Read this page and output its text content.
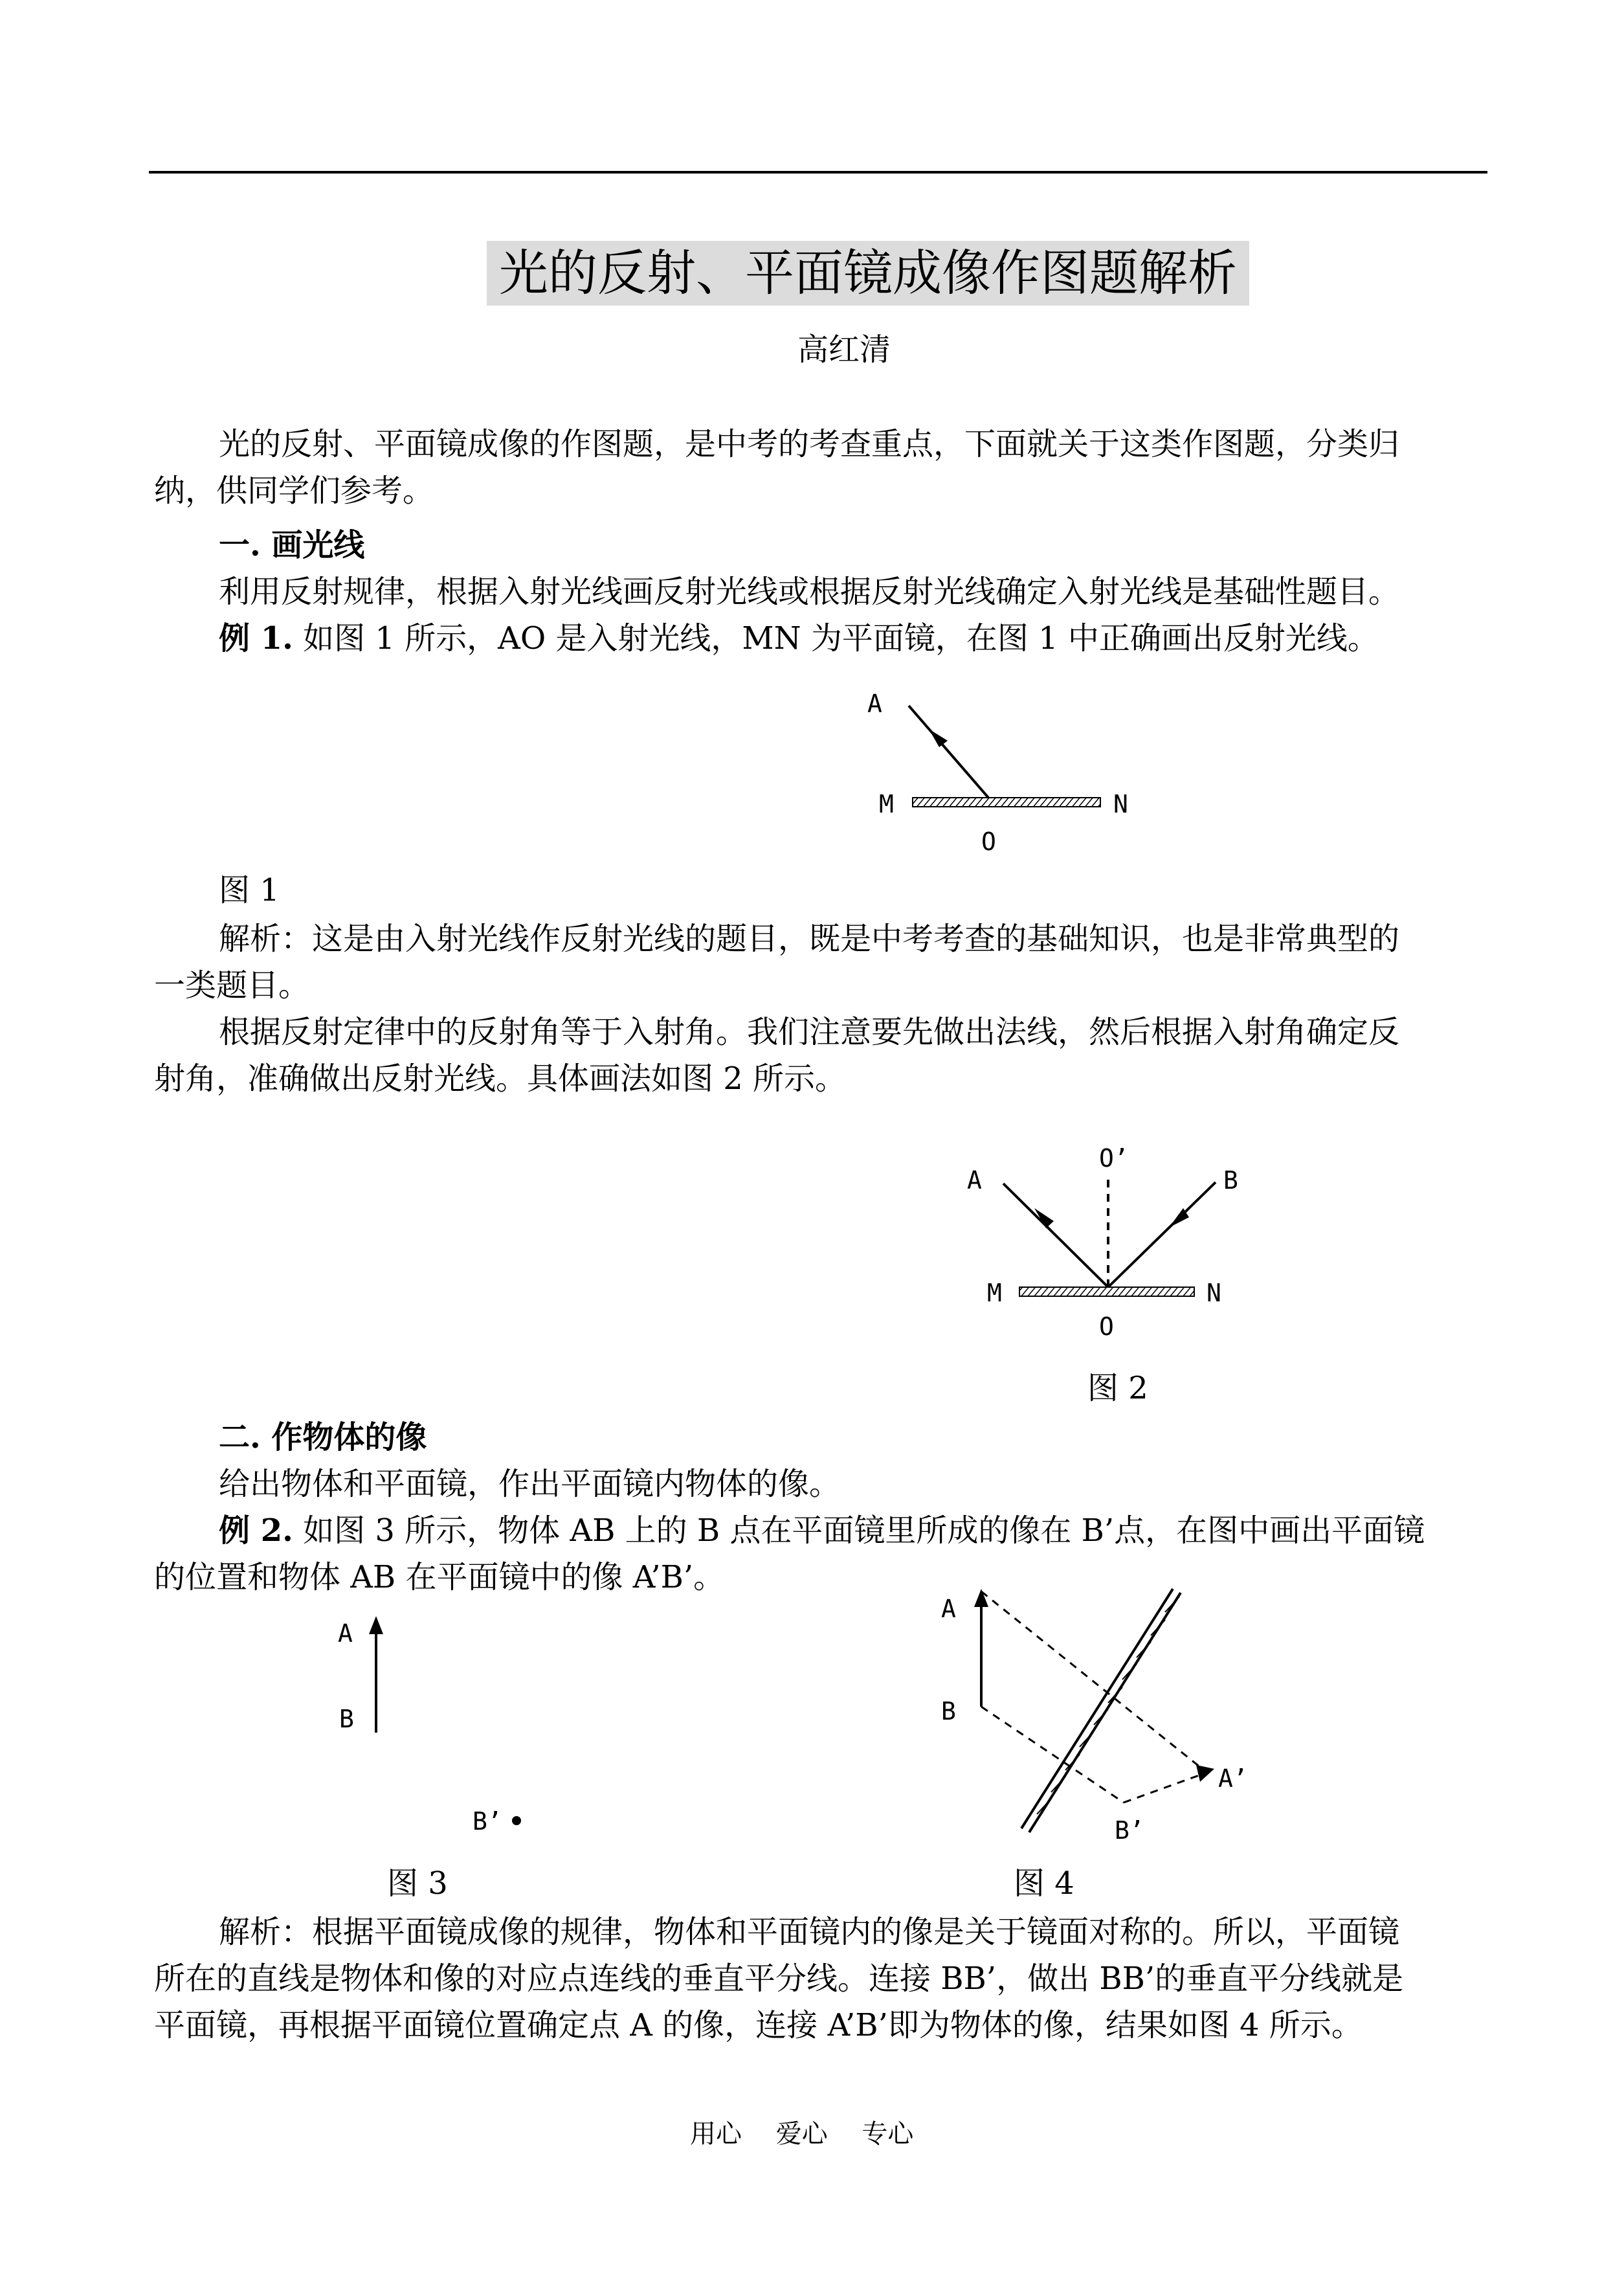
光的反射、平面镜成像作图题解析
高红清
光的反射、平面镜成像的作图题，是中考的考查重点，下面就关于这类作图题，分类归
纳，供同学们参考。
一. 画光线
利用反射规律，根据入射光线画反射光线或根据反射光线确定入射光线是基础性题目。
例 1. 如图 1 所示，AO 是入射光线，MN 为平面镜，在图 1 中正确画出反射光线。
A
M	N
O
图 1
解析：这是由入射光线作反射光线的题目，既是中考考查的基础知识，也是非常典型的
一类题目。
根据反射定律中的反射角等于入射角。我们注意要先做出法线，然后根据入射角确定反
射角，准确做出反射光线。具体画法如图 2 所示。
A
O’
B
M	N
O
图 2
二. 作物体的像
给出物体和平面镜，作出平面镜内物体的像。
例 2. 如图 3 所示，物体 AB 上的 B 点在平面镜里所成的像在 B’点，在图中画出平面镜
的位置和物体 AB 在平面镜中的像 A’B’。
A
B
B’
A
B
A’
B’
图 3	图 4
解析：根据平面镜成像的规律，物体和平面镜内的像是关于镜面对称的。所以，平面镜
所在的直线是物体和像的对应点连线的垂直平分线。连接 BB’，做出 BB’的垂直平分线就是
平面镜，再根据平面镜位置确定点 A 的像，连接 A’B’即为物体的像，结果如图 4 所示。
用心 爱心 专心
